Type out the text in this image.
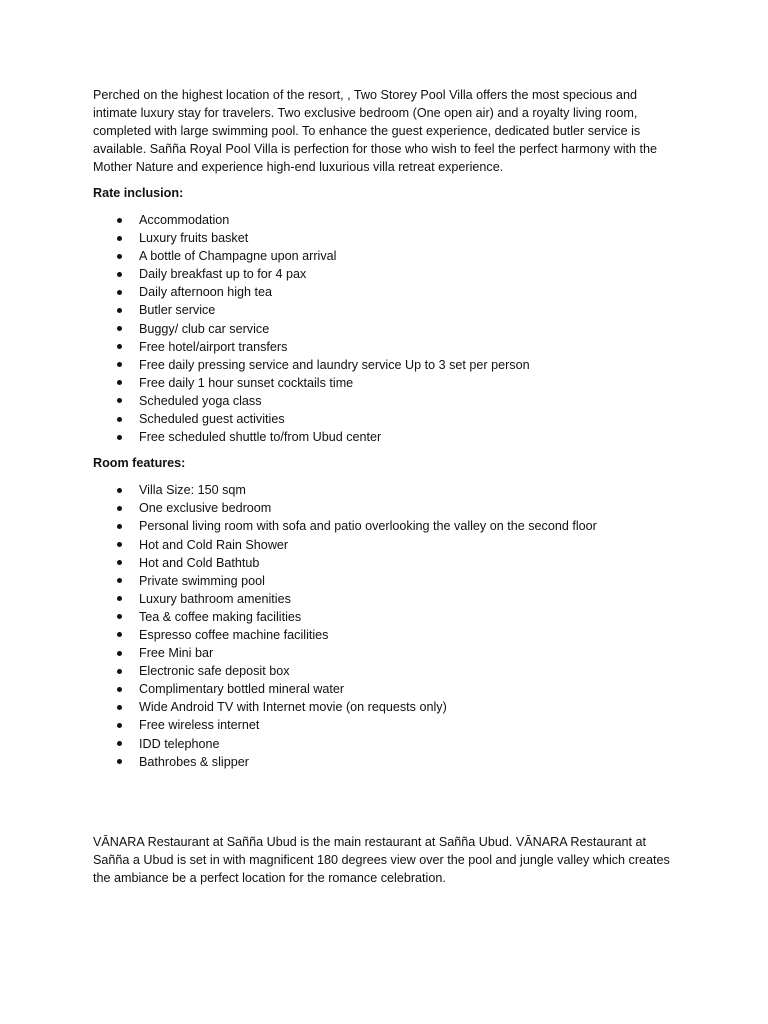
Perched on the highest location of the resort, , Two Storey Pool Villa offers the most specious and intimate luxury stay for travelers. Two exclusive bedroom (One open air) and a royalty living room, completed with large swimming pool. To enhance the guest experience, dedicated butler service is available. Sañña Royal Pool Villa is perfection for those who wish to feel the perfect harmony with the Mother Nature and experience high-end luxurious villa retreat experience.

Rate inclusion:
Accommodation
Luxury fruits basket
A bottle of Champagne upon arrival
Daily breakfast up to for 4 pax
Daily afternoon high tea
Butler service
Buggy/ club car service
Free hotel/airport transfers
Free daily pressing service and laundry service Up to 3 set per person
Free daily 1 hour sunset cocktails time
Scheduled yoga class
Scheduled guest activities
Free scheduled shuttle to/from Ubud center
Room features:
Villa Size: 150 sqm
One exclusive bedroom
Personal living room with sofa and patio overlooking the valley on the second floor
Hot and Cold Rain Shower
Hot and Cold Bathtub
Private swimming pool
Luxury bathroom amenities
Tea & coffee making facilities
Espresso coffee machine facilities
Free Mini bar
Electronic safe deposit box
Complimentary bottled mineral water
Wide Android TV with Internet movie (on requests only)
Free wireless internet
IDD telephone
Bathrobes & slipper

VĀNARA Restaurant at Sañña Ubud is the main restaurant at Sañña Ubud. VĀNARA Restaurant at Sañña a Ubud is set in with magnificent 180 degrees view over the pool and jungle valley which creates the ambiance be a perfect location for the romance celebration.
